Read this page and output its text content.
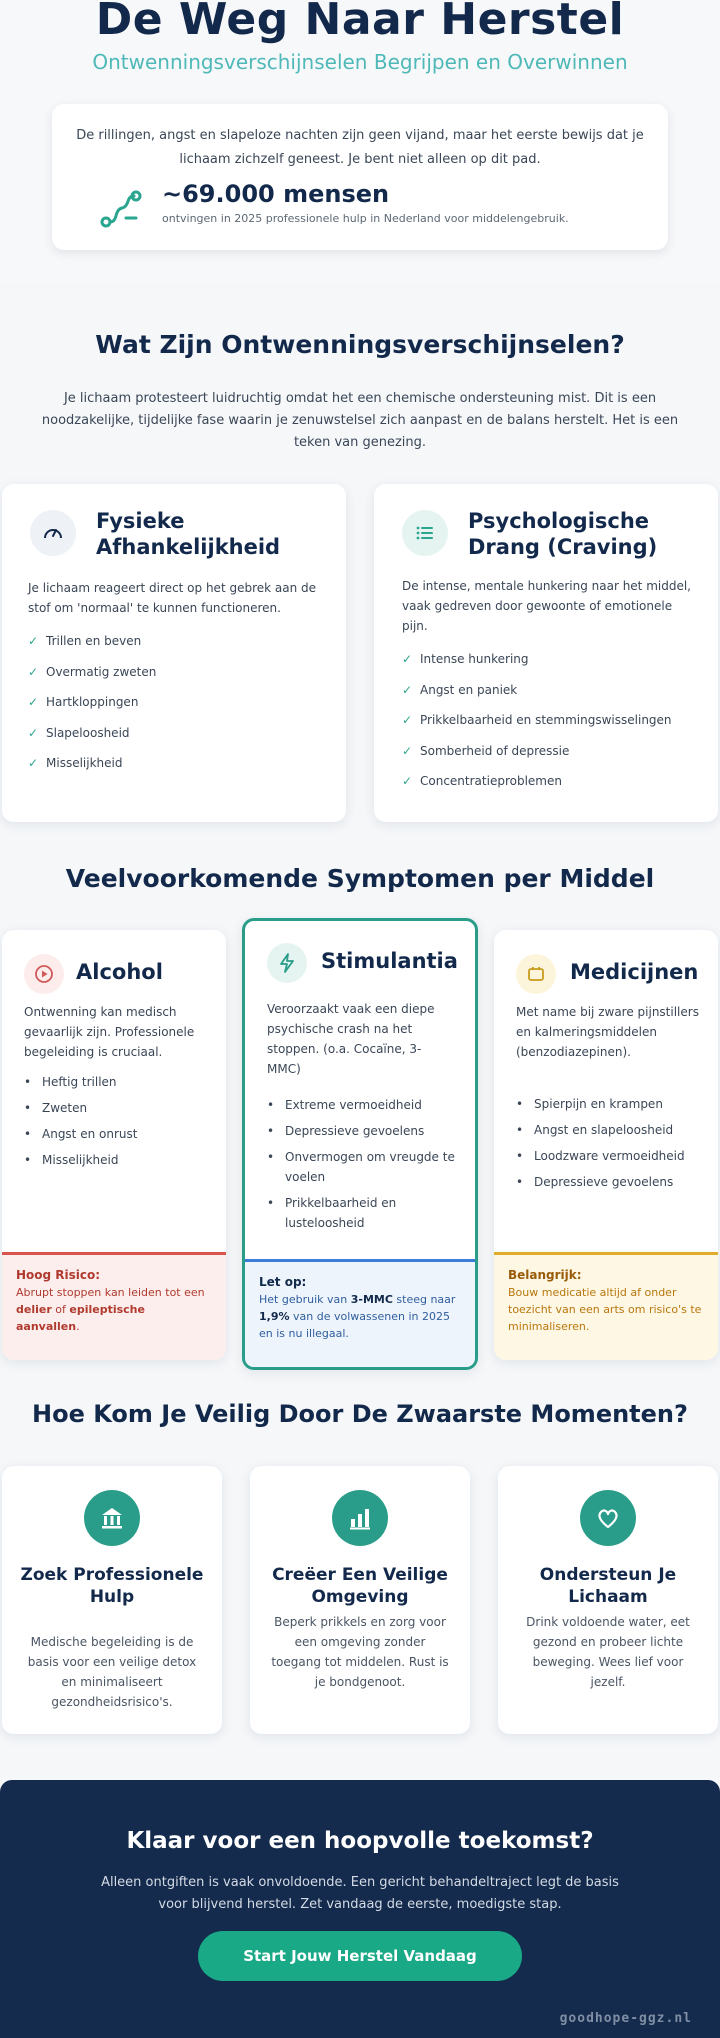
De Weg Naar Herstel
Ontwenningsverschijnselen Begrijpen en Overwinnen
De rillingen, angst en slapeloze nachten zijn geen vijand, maar het eerste bewijs dat je lichaam zichzelf geneest. Je bent niet alleen op dit pad.
~69.000 mensen
ontvingen in 2025 professionele hulp in Nederland voor middelengebruik.
Wat Zijn Ontwenningsverschijnselen?
Je lichaam protesteert luidruchtig omdat het een chemische ondersteuning mist. Dit is een noodzakelijke, tijdelijke fase waarin je zenuwstelsel zich aanpast en de balans herstelt. Het is een teken van genezing.
Fysieke Afhankelijkheid
Je lichaam reageert direct op het gebrek aan de stof om 'normaal' te kunnen functioneren.
✓ Trillen en beven
✓ Overmatig zweten
✓ Hartkloppingen
✓ Slapeloosheid
✓ Misselijkheid
Psychologische Drang (Craving)
De intense, mentale hunkering naar het middel, vaak gedreven door gewoonte of emotionele pijn.
✓ Intense hunkering
✓ Angst en paniek
✓ Prikkelbaarheid en stemmingswisselingen
✓ Somberheid of depressie
✓ Concentratieproblemen
Veelvoorkomende Symptomen per Middel
Alcohol
Ontwenning kan medisch gevaarlijk zijn. Professionele begeleiding is cruciaal.
• Heftig trillen
• Zweten
• Angst en onrust
• Misselijkheid
Hoog Risico:
Abrupt stoppen kan leiden tot een delier of epileptische aanvallen.
Stimulantia
Veroorzaakt vaak een diepe psychische crash na het stoppen. (o.a. Cocaïne, 3-MMC)
• Extreme vermoeidheid
• Depressieve gevoelens
• Onvermogen om vreugde te voelen
• Prikkelbaarheid en lusteloosheid
Let op:
Het gebruik van 3-MMC steeg naar 1,9% van de volwassenen in 2025 en is nu illegaal.
Medicijnen
Met name bij zware pijnstillers en kalmeringsmiddelen (benzodiazepinen).
• Spierpijn en krampen
• Angst en slapeloosheid
• Loodzware vermoeidheid
• Depressieve gevoelens
Belangrijk:
Bouw medicatie altijd af onder toezicht van een arts om risico's te minimaliseren.
Hoe Kom Je Veilig Door De Zwaarste Momenten?
Zoek Professionele Hulp
Medische begeleiding is de basis voor een veilige detox en minimaliseert gezondheidsrisico's.
Creëer Een Veilige Omgeving
Beperk prikkels en zorg voor een omgeving zonder toegang tot middelen. Rust is je bondgenoot.
Ondersteun Je Lichaam
Drink voldoende water, eet gezond en probeer lichte beweging. Wees lief voor jezelf.
Klaar voor een hoopvolle toekomst?
Alleen ontgiften is vaak onvoldoende. Een gericht behandeltraject legt de basis voor blijvend herstel. Zet vandaag de eerste, moedigste stap.
Start Jouw Herstel Vandaag
goodhope-ggz.nl
